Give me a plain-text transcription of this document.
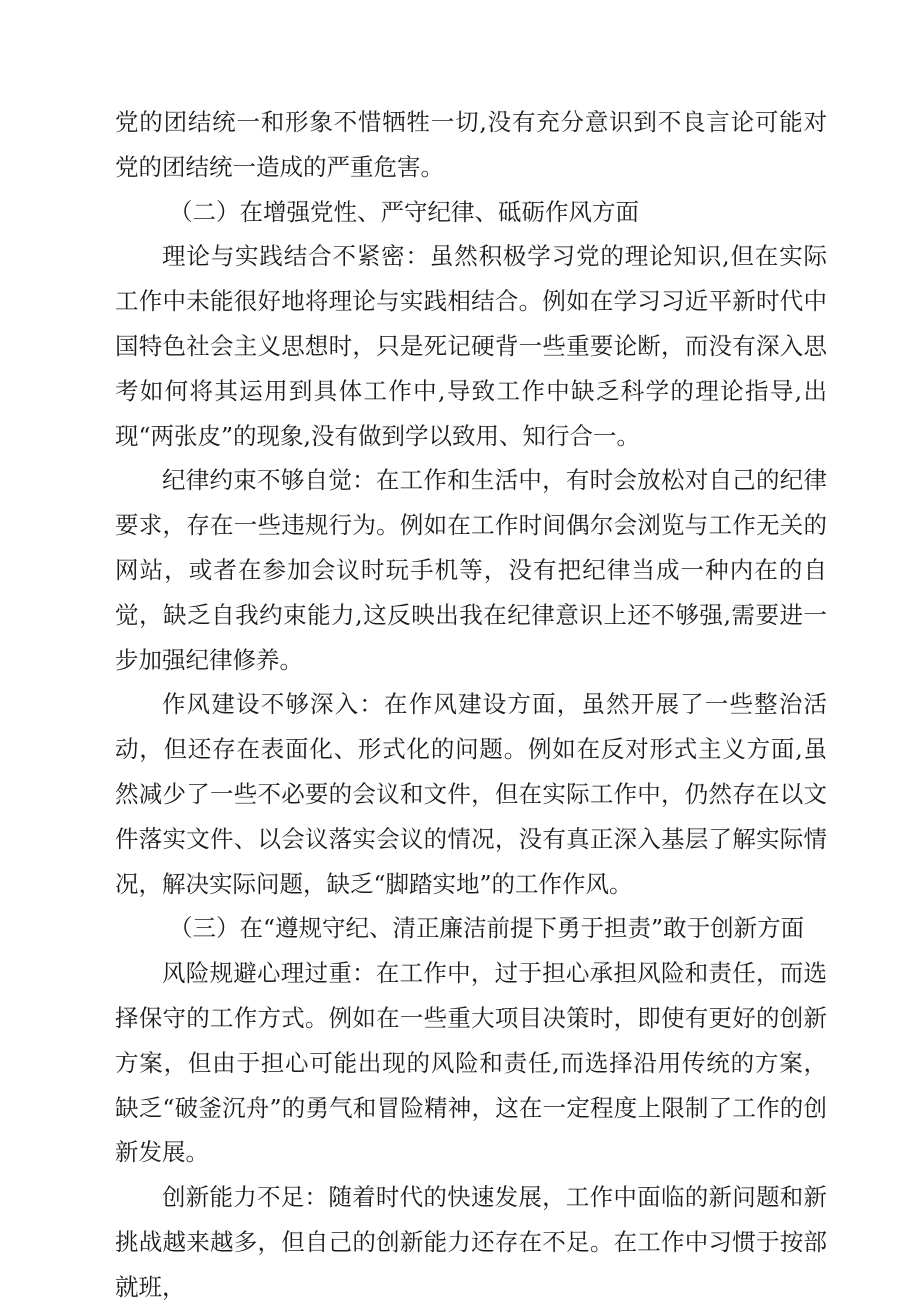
党的团结统一和形象不惜牺牲一切,没有充分意识到不良言论可能对党的团结统一造成的严重危害。

（二）在增强党性、严守纪律、砥砺作风方面

理论与实践结合不紧密：虽然积极学习党的理论知识,但在实际工作中未能很好地将理论与实践相结合。例如在学习习近平新时代中国特色社会主义思想时，只是死记硬背一些重要论断，而没有深入思考如何将其运用到具体工作中,导致工作中缺乏科学的理论指导,出现“两张皮”的现象,没有做到学以致用、知行合一。

纪律约束不够自觉：在工作和生活中，有时会放松对自己的纪律要求，存在一些违规行为。例如在工作时间偶尔会浏览与工作无关的网站，或者在参加会议时玩手机等，没有把纪律当成一种内在的自觉，缺乏自我约束能力,这反映出我在纪律意识上还不够强,需要进一步加强纪律修养。

作风建设不够深入：在作风建设方面，虽然开展了一些整治活动，但还存在表面化、形式化的问题。例如在反对形式主义方面,虽然减少了一些不必要的会议和文件，但在实际工作中，仍然存在以文件落实文件、以会议落实会议的情况，没有真正深入基层了解实际情况，解决实际问题，缺乏“脚踏实地”的工作作风。

（三）在“遵规守纪、清正廉洁前提下勇于担责”敢于创新方面

风险规避心理过重：在工作中，过于担心承担风险和责任，而选择保守的工作方式。例如在一些重大项目决策时，即使有更好的创新方案，但由于担心可能出现的风险和责任,而选择沿用传统的方案，缺乏“破釜沉舟”的勇气和冒险精神，这在一定程度上限制了工作的创新发展。

创新能力不足：随着时代的快速发展，工作中面临的新问题和新挑战越来越多，但自己的创新能力还存在不足。在工作中习惯于按部就班，
